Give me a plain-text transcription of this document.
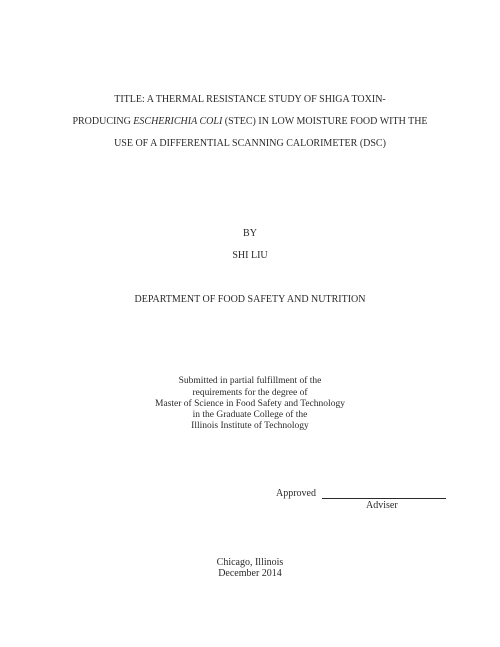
TITLE: A THERMAL RESISTANCE STUDY OF SHIGA TOXIN-
PRODUCING ESCHERICHIA COLI (STEC) IN LOW MOISTURE FOOD WITH THE
USE OF A DIFFERENTIAL SCANNING CALORIMETER (DSC)
BY
SHI LIU
DEPARTMENT OF FOOD SAFETY AND NUTRITION
Submitted in partial fulfillment of the
requirements for the degree of
Master of Science in Food Safety and Technology
in the Graduate College of the
Illinois Institute of Technology
Approved
Adviser
Chicago, Illinois
December 2014
